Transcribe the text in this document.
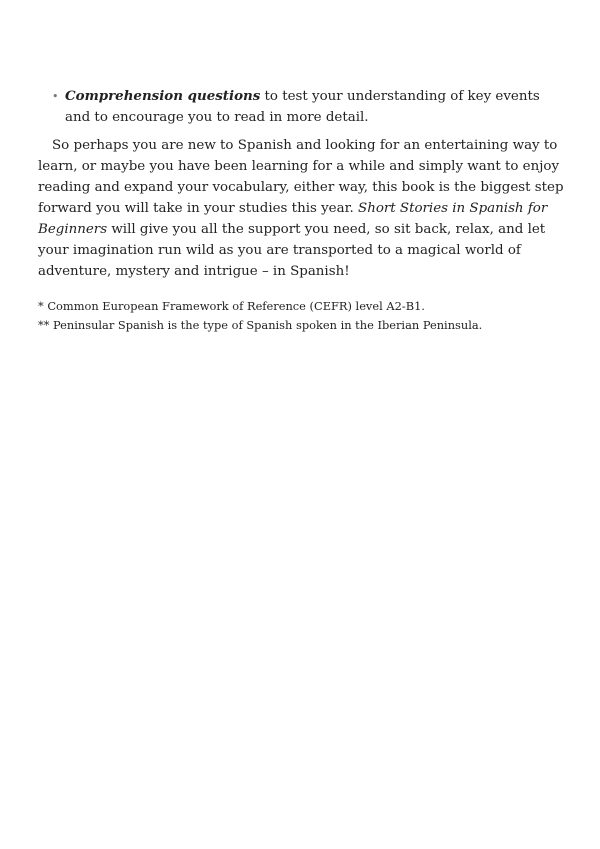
• Comprehension questions to test your understanding of key events and to encourage you to read in more detail.

So perhaps you are new to Spanish and looking for an entertaining way to learn, or maybe you have been learning for a while and simply want to enjoy reading and expand your vocabulary, either way, this book is the biggest step forward you will take in your studies this year. Short Stories in Spanish for Beginners will give you all the support you need, so sit back, relax, and let your imagination run wild as you are transported to a magical world of adventure, mystery and intrigue – in Spanish!

* Common European Framework of Reference (CEFR) level A2-B1.

** Peninsular Spanish is the type of Spanish spoken in the Iberian Peninsula.
